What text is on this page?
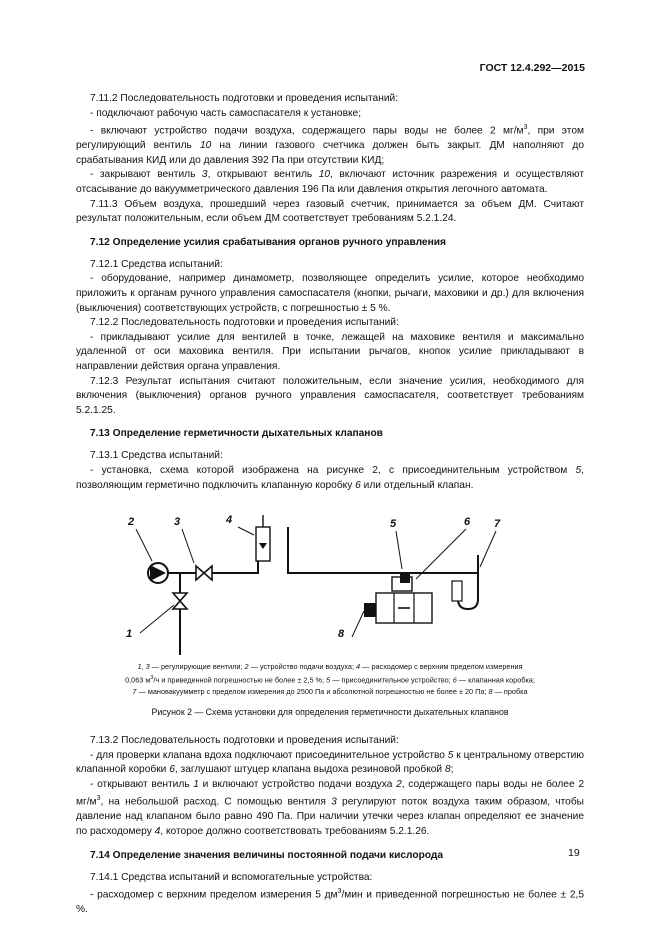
ГОСТ 12.4.292—2015

7.11.2 Последовательность подготовки и проведения испытаний:

- подключают рабочую часть самоспасателя к установке;

- включают устройство подачи воздуха, содержащего пары воды не более 2 $мг/м^3$, при этом регулирующий вентиль 10 на линии газового счетчика должен быть закрыт. ДМ наполняют до срабатывания КИД или до давления 392 Па при отсутствии КИД;

- закрывают вентиль 3, открывают вентиль 10, включают источник разрежения и осуществляют отсасывание до вакуумметрического давления 196 Па или давления открытия легочного автомата.

7.11.3 Объем воздуха, прошедший через газовый счетчик, принимается за объем ДМ. Считают результат положительным, если объем ДМ соответствует требованиям 5.2.1.24.

7.12 Определение усилия срабатывания органов ручного управления

7.12.1 Средства испытаний:

- оборудование, например динамометр, позволяющее определить усилие, которое необходимо приложить к органам ручного управления самоспасателя (кнопки, рычаги, маховики и др.) для включения (выключения) соответствующих устройств, с погрешностью ± 5 %.

7.12.2 Последовательность подготовки и проведения испытаний:

- прикладывают усилие для вентилей в точке, лежащей на маховике вентиля и максимально удаленной от оси маховика вентиля. При испытании рычагов, кнопок усилие прикладывают в направлении действия органа управления.

7.12.3 Результат испытания считают положительным, если значение усилия, необходимого для включения (выключения) органов ручного управления самоспасателя, соответствует требованиям 5.2.1.25.

7.13 Определение герметичности дыхательных клапанов

7.13.1 Средства испытаний:

- установка, схема которой изображена на рисунке 2, с присоединительным устройством 5, позволяющим герметично подключить клапанную коробку 6 или отдельный клапан.

2	3	4	5	6 7
1	8
1, 3 — регулирующие вентили; 2 — устройство подачи воздуха; 4 — расходомер с верхним пределом измерения
0,063 $м^3/ч$ и приведенной погрешностью не более ± 2,5 %; 5 — присоединительное устройство; 6 — клапанная коробка;
7 — мановакуумметр с пределом измерения до 2500 Па и абсолютной погрешностью не более ± 20 Па; 8 — пробка
Рисунок 2 — Схема установки для определения герметичности дыхательных клапанов

7.13.2 Последовательность подготовки и проведения испытаний:

- для проверки клапана вдоха подключают присоединительное устройство 5 к центральному отверстию клапанной коробки 6, заглушают штуцер клапана выдоха резиновой пробкой 8;

- открывают вентиль 1 и включают устройство подачи воздуха 2, содержащего пары воды не более 2 $мг/м^3$, на небольшой расход. С помощью вентиля 3 регулируют поток воздуха таким образом, чтобы давление над клапаном было равно 490 Па. При наличии утечки через клапан определяют ее значение по расходомеру 4, которое должно соответствовать требованиям 5.2.1.26.

7.14 Определение значения величины постоянной подачи кислорода

7.14.1 Средства испытаний и вспомогательные устройства:

- расходомер с верхним пределом измерения 5 $дм^3$/мин и приведенной погрешностью не более ± 2,5 %.

19
